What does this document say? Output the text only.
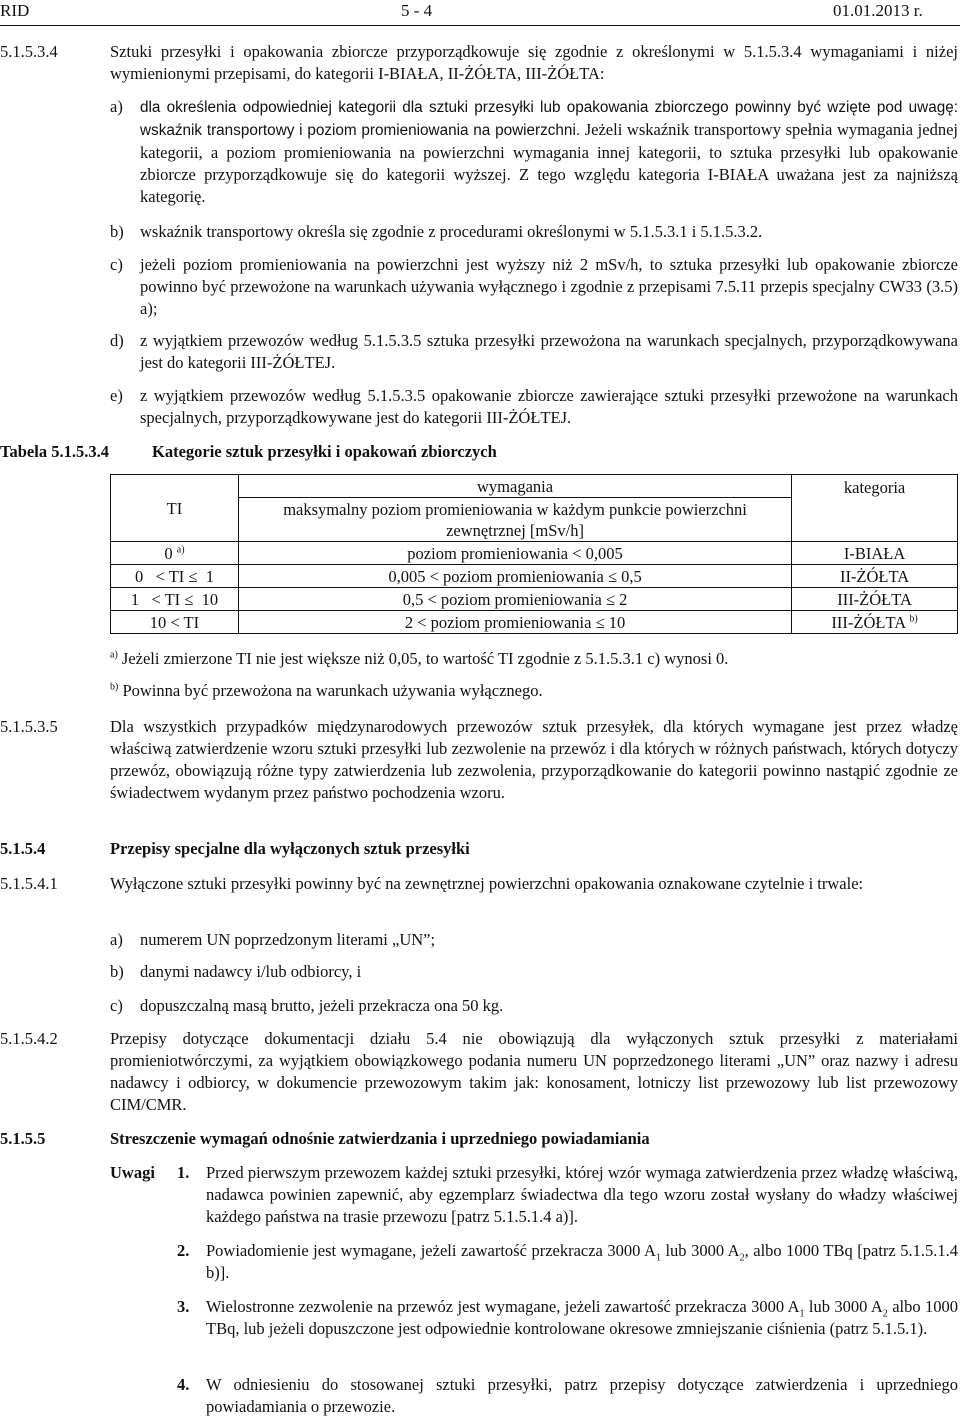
RID	5 - 4	01.01.2013 r.
5.1.5.3.4	Sztuki przesyłki i opakowania zbiorcze przyporządkowuje się zgodnie z określonymi w 5.1.5.3.4 wymaganiami i niżej wymienionymi przepisami, do kategorii I-BIAŁA, II-ŻÓŁTA, III-ŻÓŁTA:
a) dla określenia odpowiedniej kategorii dla sztuki przesyłki lub opakowania zbiorczego powinny być wzięte pod uwagę: wskaźnik transportowy i poziom promieniowania na powierzchni. Jeżeli wskaźnik transportowy spełnia wymagania jednej kategorii, a poziom promieniowania na powierzchni wymagania innej kategorii, to sztuka przesyłki lub opakowanie zbiorcze przyporządkowuje się do kategorii wyższej. Z tego względu kategoria I-BIAŁA uważana jest za najniższą kategorię.
b) wskaźnik transportowy określa się zgodnie z procedurami określonymi w 5.1.5.3.1 i 5.1.5.3.2.
c) jeżeli poziom promieniowania na powierzchni jest wyższy niż 2 mSv/h, to sztuka przesyłki lub opakowanie zbiorcze powinno być przewożone na warunkach używania wyłącznego i zgodnie z przepisami 7.5.11 przepis specjalny CW33 (3.5) a);
d) z wyjątkiem przewozów według 5.1.5.3.5 sztuka przesyłki przewożona na warunkach specjalnych, przyporządkowywana jest do kategorii III-ŻÓŁTEJ.
e) z wyjątkiem przewozów według 5.1.5.3.5 opakowanie zbiorcze zawierające sztuki przesyłki przewożone na warunkach specjalnych, przyporządkowywane jest do kategorii III-ŻÓŁTEJ.
Tabela 5.1.5.3.4	Kategorie sztuk przesyłki i opakowań zbiorczych
TI	wymagania	kategoria
	maksymalny poziom promieniowania w każdym punkcie powierzchni zewnętrznej [mSv/h]	
0 $^{a)}$	poziom promieniowania < 0,005	I-BIAŁA
0   < TI ≤  1	0,005 < poziom promieniowania ≤ 0,5	II-ŻÓŁTA
1   < TI ≤  10	0,5 < poziom promieniowania ≤ 2	III-ŻÓŁTA
10 < TI	2 < poziom promieniowania ≤ 10	III-ŻÓŁTA $^{b)}$
$^{a)}$ Jeżeli zmierzone TI nie jest większe niż 0,05, to wartość TI zgodnie z 5.1.5.3.1 c) wynosi 0.
$^{b)}$ Powinna być przewożona na warunkach używania wyłącznego.
5.1.5.3.5	Dla wszystkich przypadków międzynarodowych przewozów sztuk przesyłek, dla których wymagane jest przez władzę właściwą zatwierdzenie wzoru sztuki przesyłki lub zezwolenie na przewóz i dla których w różnych państwach, których dotyczy przewóz, obowiązują różne typy zatwierdzenia lub zezwolenia, przyporządkowanie do kategorii powinno nastąpić zgodnie ze świadectwem wydanym przez państwo pochodzenia wzoru.
5.1.5.4	Przepisy specjalne dla wyłączonych sztuk przesyłki
5.1.5.4.1	Wyłączone sztuki przesyłki powinny być na zewnętrznej powierzchni opakowania oznakowane czytelnie i trwale:
a) numerem UN poprzedzonym literami „UN”;
b) danymi nadawcy i/lub odbiorcy, i
c) dopuszczalną masą brutto, jeżeli przekracza ona 50 kg.
5.1.5.4.2	Przepisy dotyczące dokumentacji działu 5.4 nie obowiązują dla wyłączonych sztuk przesyłki z materiałami promieniotwórczymi, za wyjątkiem obowiązkowego podania numeru UN poprzedzonego literami „UN” oraz nazwy i adresu nadawcy i odbiorcy, w dokumencie przewozowym takim jak: konosament, lotniczy list przewozowy lub list przewozowy CIM/CMR.
5.1.5.5	Streszczenie wymagań odnośnie zatwierdzania i uprzedniego powiadamiania
Uwagi 1. Przed pierwszym przewozem każdej sztuki przesyłki, której wzór wymaga zatwierdzenia przez władzę właściwą, nadawca powinien zapewnić, aby egzemplarz świadectwa dla tego wzoru został wysłany do władzy właściwej każdego państwa na trasie przewozu [patrz 5.1.5.1.4 a)].
2. Powiadomienie jest wymagane, jeżeli zawartość przekracza 3000 $A_1$ lub 3000 $A_2$, albo 1000 TBq [patrz 5.1.5.1.4 b)].
3. Wielostronne zezwolenie na przewóz jest wymagane, jeżeli zawartość przekracza 3000 $A_1$ lub 3000 $A_2$ albo 1000 TBq, lub jeżeli dopuszczone jest odpowiednie kontrolowane okresowe zmniejszanie ciśnienia (patrz 5.1.5.1).
4. W odniesieniu do stosowanej sztuki przesyłki, patrz przepisy dotyczące zatwierdzenia i uprzedniego powiadamiania o przewozie.
